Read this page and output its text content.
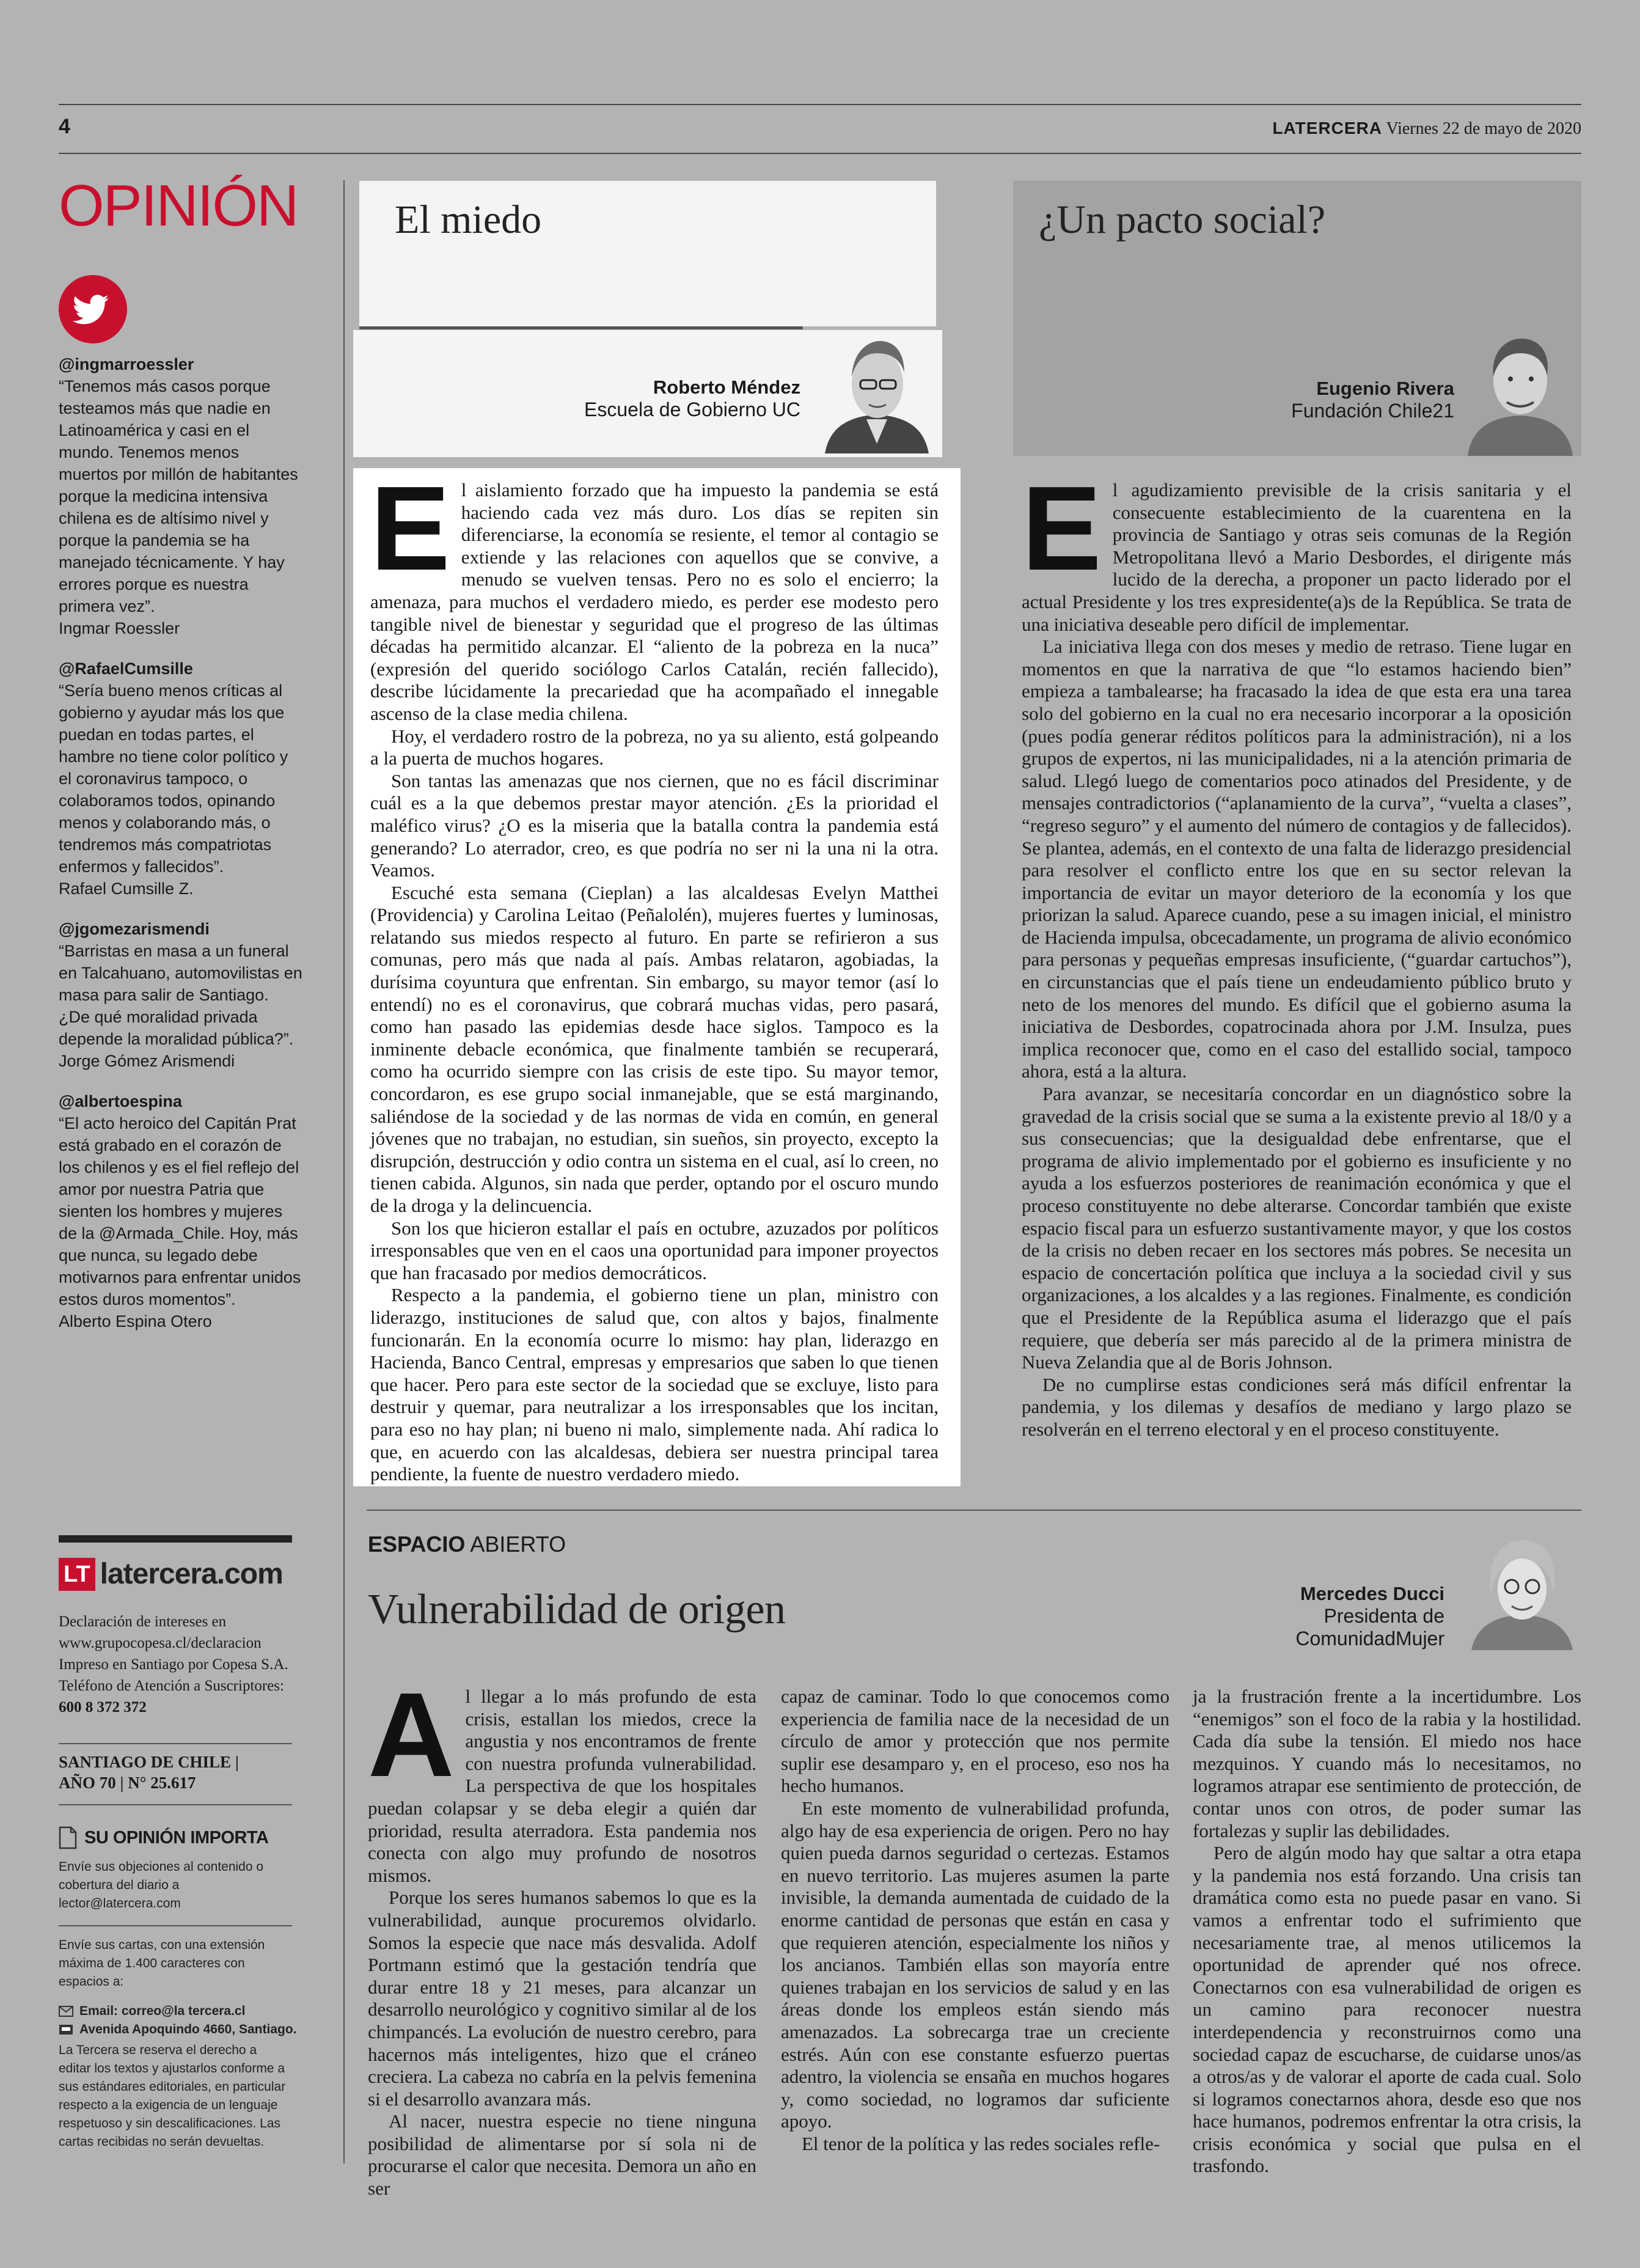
4	LATERCERA Viernes 22 de mayo de 2020
OPINIÓN
@ingmarroessler
“Tenemos más casos porque testeamos más que nadie en Latinoamérica y casi en el mundo. Tenemos menos muertos por millón de habitantes porque la medicina intensiva chilena es de altísimo nivel y porque la pandemia se ha manejado técnicamente. Y hay errores porque es nuestra primera vez”.
Ingmar Roessler
@RafaelCumsille
“Sería bueno menos críticas al gobierno y ayudar más los que puedan en todas partes, el hambre no tiene color político y el coronavirus tampoco, o colaboramos todos, opinando menos y colaborando más, o tendremos más compatriotas enfermos y fallecidos”.
Rafael Cumsille Z.
@jgomezarismendi
“Barristas en masa a un funeral en Talcahuano, automovilistas en masa para salir de Santiago. ¿De qué moralidad privada depende la moralidad pública?”.
Jorge Gómez Arismendi
@albertoespina
“El acto heroico del Capitán Prat está grabado en el corazón de los chilenos y es el fiel reflejo del amor por nuestra Patria que sienten los hombres y mujeres de la @Armada_Chile. Hoy, más que nunca, su legado debe motivarnos para enfrentar unidos estos duros momentos”.
Alberto Espina Otero
LT latercera.com
Declaración de intereses en www.grupocopesa.cl/declaracion Impreso en Santiago por Copesa S.A. Teléfono de Atención a Suscriptores: 600 8 372 372
SANTIAGO DE CHILE |
AÑO 70 | N° 25.617
SU OPINIÓN IMPORTA
Envíe sus objeciones al contenido o cobertura del diario a lector@latercera.com
Envíe sus cartas, con una extensión máxima de 1.400 caracteres con espacios a:
Email: correo@la tercera.cl
Avenida Apoquindo 4660, Santiago.
La Tercera se reserva el derecho a editar los textos y ajustarlos conforme a sus estándares editoriales, en particular respecto a la exigencia de un lenguaje respetuoso y sin descalificaciones. Las cartas recibidas no serán devueltas.
El miedo
Roberto Méndez
Escuela de Gobierno UC
E l aislamiento forzado que ha impuesto la pandemia se está haciendo cada vez más duro. Los días se repiten sin diferenciarse, la economía se resiente, el temor al contagio se extiende y las relaciones con aquellos que se convive, a menudo se vuelven tensas. Pero no es solo el encierro; la amenaza, para muchos el verdadero miedo, es perder ese modesto pero tangible nivel de bienestar y seguridad que el progreso de las últimas décadas ha permitido alcanzar. El “aliento de la pobreza en la nuca” (expresión del querido sociólogo Carlos Catalán, recién fallecido), describe lúcidamente la precariedad que ha acompañado el innegable ascenso de la clase media chilena.

Hoy, el verdadero rostro de la pobreza, no ya su aliento, está golpeando a la puerta de muchos hogares.

Son tantas las amenazas que nos ciernen, que no es fácil discriminar cuál es a la que debemos prestar mayor atención. ¿Es la prioridad el maléfico virus? ¿O es la miseria que la batalla contra la pandemia está generando? Lo aterrador, creo, es que podría no ser ni la una ni la otra. Veamos.

Escuché esta semana (Cieplan) a las alcaldesas Evelyn Matthei (Providencia) y Carolina Leitao (Peñalolén), mujeres fuertes y luminosas, relatando sus miedos respecto al futuro. En parte se refirieron a sus comunas, pero más que nada al país. Ambas relataron, agobiadas, la durísima coyuntura que enfrentan. Sin embargo, su mayor temor (así lo entendí) no es el coronavirus, que cobrará muchas vidas, pero pasará, como han pasado las epidemias desde hace siglos. Tampoco es la inminente debacle económica, que finalmente también se recuperará, como ha ocurrido siempre con las crisis de este tipo. Su mayor temor, concordaron, es ese grupo social inmanejable, que se está marginando, saliéndose de la sociedad y de las normas de vida en común, en general jóvenes que no trabajan, no estudian, sin sueños, sin proyecto, excepto la disrupción, destrucción y odio contra un sistema en el cual, así lo creen, no tienen cabida. Algunos, sin nada que perder, optando por el oscuro mundo de la droga y la delincuencia.

Son los que hicieron estallar el país en octubre, azuzados por políticos irresponsables que ven en el caos una oportunidad para imponer proyectos que han fracasado por medios democráticos.

Respecto a la pandemia, el gobierno tiene un plan, ministro con liderazgo, instituciones de salud que, con altos y bajos, finalmente funcionarán. En la economía ocurre lo mismo: hay plan, liderazgo en Hacienda, Banco Central, empresas y empresarios que saben lo que tienen que hacer. Pero para este sector de la sociedad que se excluye, listo para destruir y quemar, para neutralizar a los irresponsables que los incitan, para eso no hay plan; ni bueno ni malo, simplemente nada. Ahí radica lo que, en acuerdo con las alcaldesas, debiera ser nuestra principal tarea pendiente, la fuente de nuestro verdadero miedo.

¿Un pacto social?
Eugenio Rivera
Fundación Chile21
E l agudizamiento previsible de la crisis sanitaria y el consecuente establecimiento de la cuarentena en la provincia de Santiago y otras seis comunas de la Región Metropolitana llevó a Mario Desbordes, el dirigente más lucido de la derecha, a proponer un pacto liderado por el actual Presidente y los tres expresidente(a)s de la República. Se trata de una iniciativa deseable pero difícil de implementar.

La iniciativa llega con dos meses y medio de retraso. Tiene lugar en momentos en que la narrativa de que “lo estamos haciendo bien” empieza a tambalearse; ha fracasado la idea de que esta era una tarea solo del gobierno en la cual no era necesario incorporar a la oposición (pues podía generar réditos políticos para la administración), ni a los grupos de expertos, ni las municipalidades, ni a la atención primaria de salud. Llegó luego de comentarios poco atinados del Presidente, y de mensajes contradictorios (“aplanamiento de la curva”, “vuelta a clases”, “regreso seguro” y el aumento del número de contagios y de fallecidos). Se plantea, además, en el contexto de una falta de liderazgo presidencial para resolver el conflicto entre los que en su sector relevan la importancia de evitar un mayor deterioro de la economía y los que priorizan la salud. Aparece cuando, pese a su imagen inicial, el ministro de Hacienda impulsa, obcecadamente, un programa de alivio económico para personas y pequeñas empresas insuficiente, (“guardar cartuchos”), en circunstancias que el país tiene un endeudamiento público bruto y neto de los menores del mundo. Es difícil que el gobierno asuma la iniciativa de Desbordes, copatrocinada ahora por J.M. Insulza, pues implica reconocer que, como en el caso del estallido social, tampoco ahora, está a la altura.

Para avanzar, se necesitaría concordar en un diagnóstico sobre la gravedad de la crisis social que se suma a la existente previo al 18/0 y a sus consecuencias; que la desigualdad debe enfrentarse, que el programa de alivio implementado por el gobierno es insuficiente y no ayuda a los esfuerzos posteriores de reanimación económica y que el proceso constituyente no debe alterarse. Concordar también que existe espacio fiscal para un esfuerzo sustantivamente mayor, y que los costos de la crisis no deben recaer en los sectores más pobres. Se necesita un espacio de concertación política que incluya a la sociedad civil y sus organizaciones, a los alcaldes y a las regiones. Finalmente, es condición que el Presidente de la República asuma el liderazgo que el país requiere, que debería ser más parecido al de la primera ministra de Nueva Zelandia que al de Boris Johnson.

De no cumplirse estas condiciones será más difícil enfrentar la pandemia, y los dilemas y desafíos de mediano y largo plazo se resolverán en el terreno electoral y en el proceso constituyente.

ESPACIO ABIERTO
Vulnerabilidad de origen	Mercedes Ducci
Presidenta de
ComunidadMujer
A l llegar a lo más profundo de esta crisis, estallan los miedos, crece la angustia y nos encontramos de frente con nuestra profunda vulnerabilidad. La perspectiva de que los hospitales puedan colapsar y se deba elegir a quién dar prioridad, resulta aterradora. Esta pandemia nos conecta con algo muy profundo de nosotros mismos.

Porque los seres humanos sabemos lo que es la vulnerabilidad, aunque procuremos olvidarlo. Somos la especie que nace más desvalida. Adolf Portmann estimó que la gestación tendría que durar entre 18 y 21 meses, para alcanzar un desarrollo neurológico y cognitivo similar al de los chimpancés. La evolución de nuestro cerebro, para hacernos más inteligentes, hizo que el cráneo creciera. La cabeza no cabría en la pelvis femenina si el desarrollo avanzara más.

Al nacer, nuestra especie no tiene ninguna posibilidad de alimentarse por sí sola ni de procurarse el calor que necesita. Demora un año en ser

capaz de caminar. Todo lo que conocemos como experiencia de familia nace de la necesidad de un círculo de amor y protección que nos permite suplir ese desamparo y, en el proceso, eso nos ha hecho humanos.

En este momento de vulnerabilidad profunda, algo hay de esa experiencia de origen. Pero no hay quien pueda darnos seguridad o certezas. Estamos en nuevo territorio. Las mujeres asumen la parte invisible, la demanda aumentada de cuidado de la enorme cantidad de personas que están en casa y que requieren atención, especialmente los niños y los ancianos. También ellas son mayoría entre quienes trabajan en los servicios de salud y en las áreas donde los empleos están siendo más amenazados. La sobrecarga trae un creciente estrés. Aún con ese constante esfuerzo puertas adentro, la violencia se ensaña en muchos hogares y, como sociedad, no logramos dar suficiente apoyo.

El tenor de la política y las redes sociales refle-

ja la frustración frente a la incertidumbre. Los “enemigos” son el foco de la rabia y la hostilidad. Cada día sube la tensión. El miedo nos hace mezquinos. Y cuando más lo necesitamos, no logramos atrapar ese sentimiento de protección, de contar unos con otros, de poder sumar las fortalezas y suplir las debilidades.

Pero de algún modo hay que saltar a otra etapa y la pandemia nos está forzando. Una crisis tan dramática como esta no puede pasar en vano. Si vamos a enfrentar todo el sufrimiento que necesariamente trae, al menos utilicemos la oportunidad de aprender qué nos ofrece. Conectarnos con esa vulnerabilidad de origen es un camino para reconocer nuestra interdependencia y reconstruirnos como una sociedad capaz de escucharse, de cuidarse unos/as a otros/as y de valorar el aporte de cada cual. Solo si logramos conectarnos ahora, desde eso que nos hace humanos, podremos enfrentar la otra crisis, la crisis económica y social que pulsa en el trasfondo.
